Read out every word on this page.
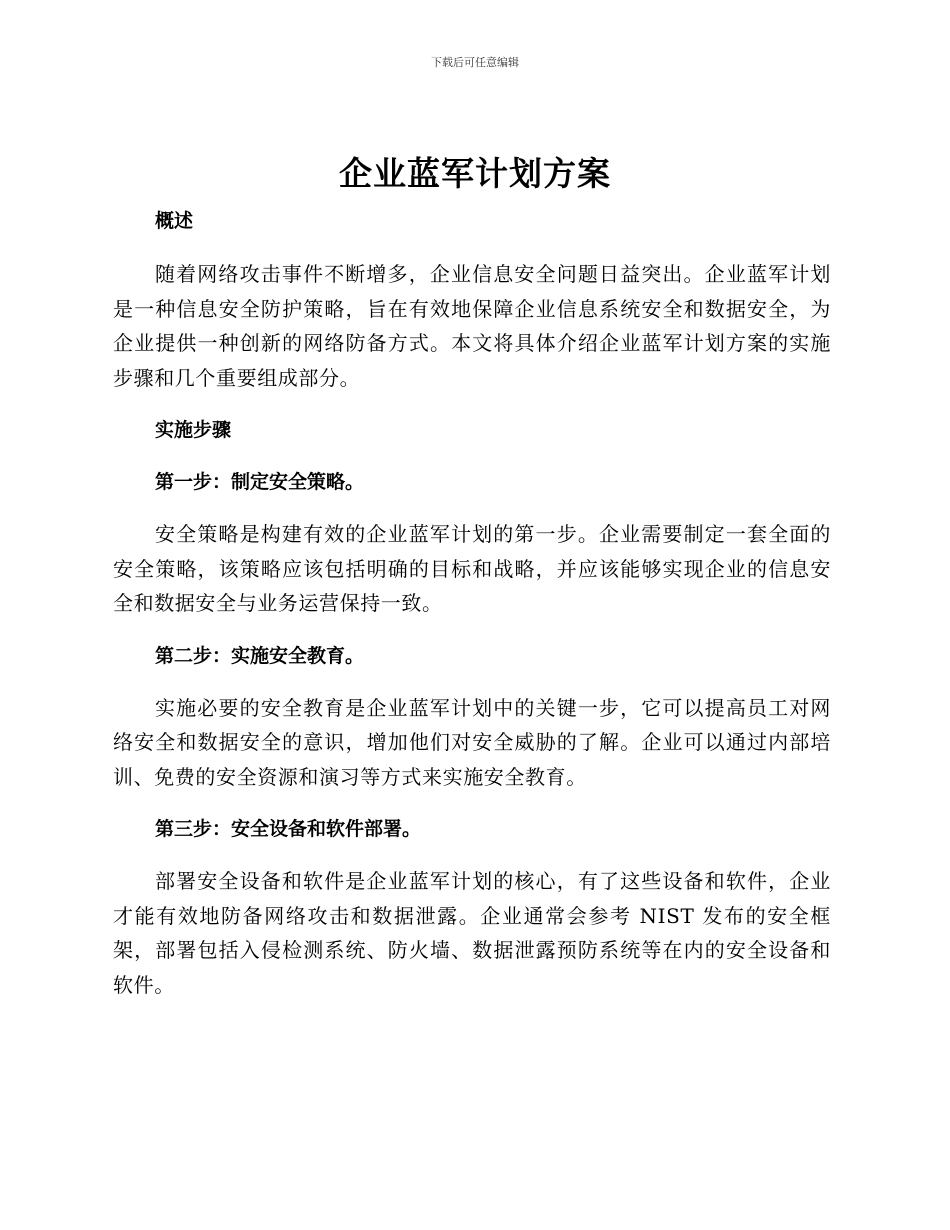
下载后可任意编辑
企业蓝军计划方案

概述

随着网络攻击事件不断增多，企业信息安全问题日益突出。企业蓝军计划是一种信息安全防护策略，旨在有效地保障企业信息系统安全和数据安全，为企业提供一种创新的网络防备方式。本文将具体介绍企业蓝军计划方案的实施步骤和几个重要组成部分。

实施步骤

第一步：制定安全策略。

安全策略是构建有效的企业蓝军计划的第一步。企业需要制定一套全面的安全策略，该策略应该包括明确的目标和战略，并应该能够实现企业的信息安全和数据安全与业务运营保持一致。

第二步：实施安全教育。

实施必要的安全教育是企业蓝军计划中的关键一步，它可以提高员工对网络安全和数据安全的意识，增加他们对安全威胁的了解。企业可以通过内部培训、免费的安全资源和演习等方式来实施安全教育。

第三步：安全设备和软件部署。

部署安全设备和软件是企业蓝军计划的核心，有了这些设备和软件，企业才能有效地防备网络攻击和数据泄露。企业通常会参考 NIST 发布的安全框架，部署包括入侵检测系统、防火墙、数据泄露预防系统等在内的安全设备和软件。
